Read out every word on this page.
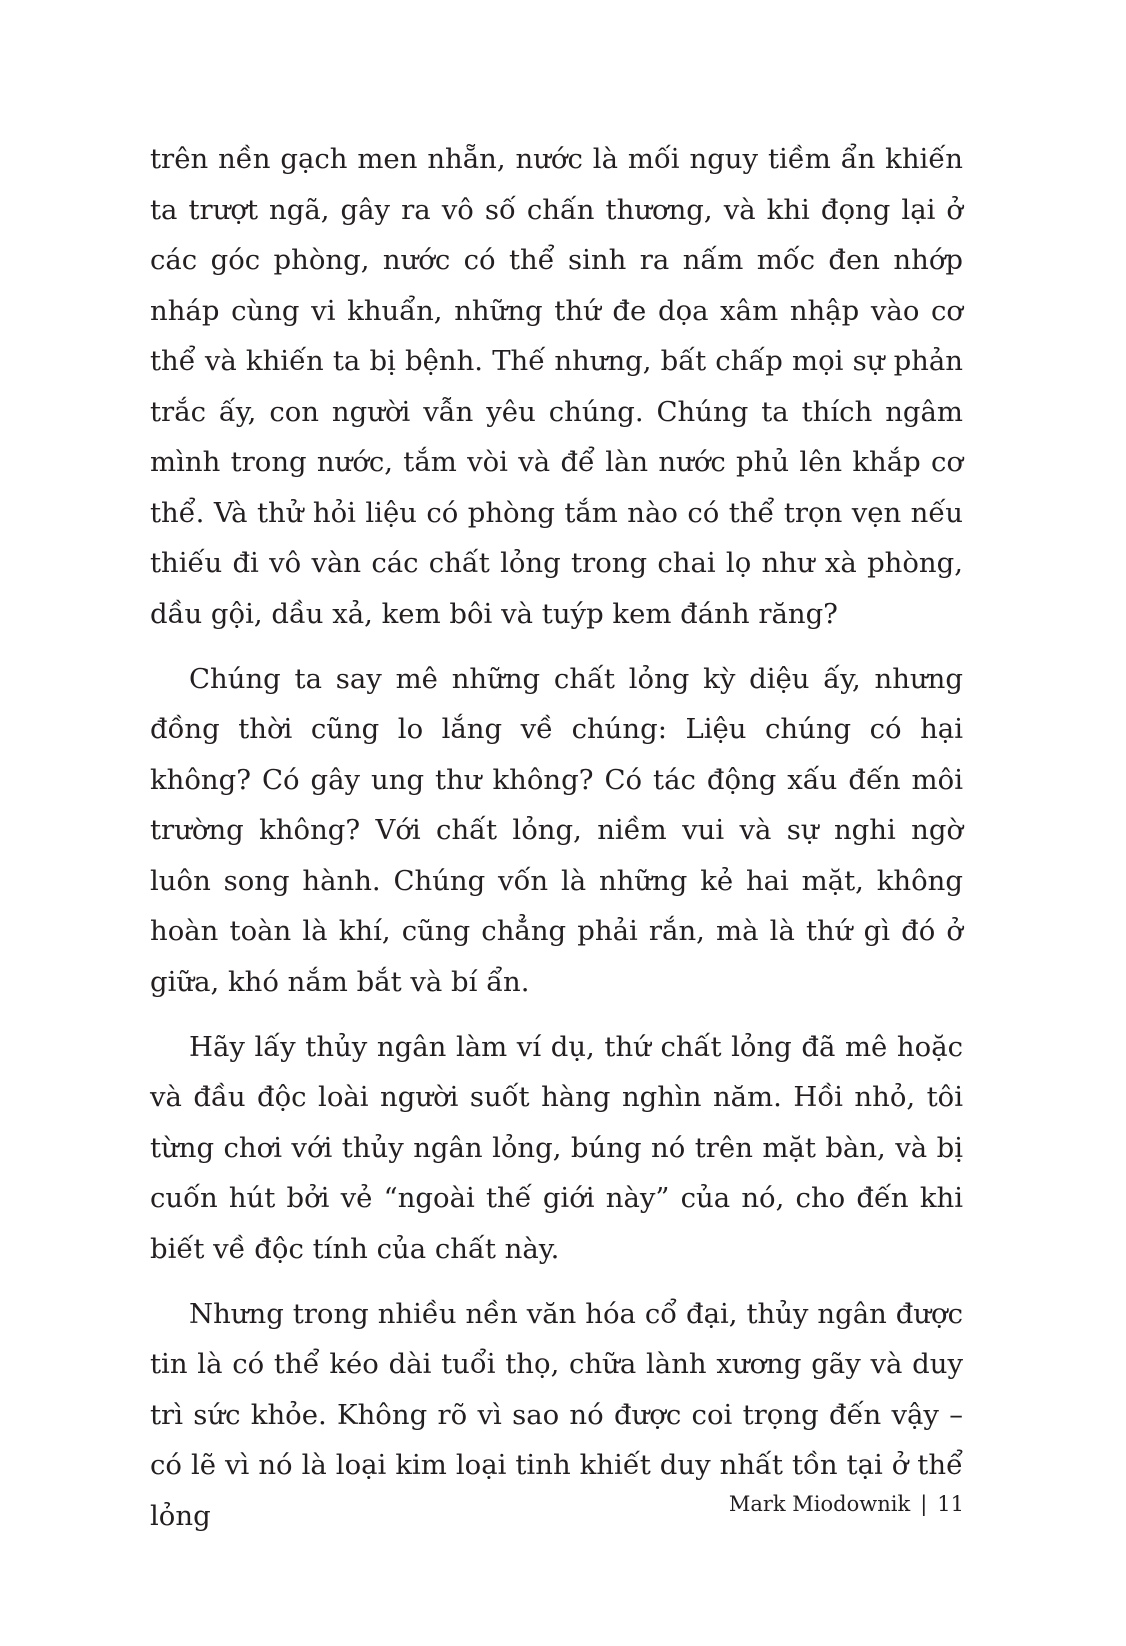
trên nền gạch men nhẵn, nước là mối nguy tiềm ẩn khiến ta trượt ngã, gây ra vô số chấn thương, và khi đọng lại ở các góc phòng, nước có thể sinh ra nấm mốc đen nhớp nháp cùng vi khuẩn, những thứ đe dọa xâm nhập vào cơ thể và khiến ta bị bệnh. Thế nhưng, bất chấp mọi sự phản trắc ấy, con người vẫn yêu chúng. Chúng ta thích ngâm mình trong nước, tắm vòi và để làn nước phủ lên khắp cơ thể. Và thử hỏi liệu có phòng tắm nào có thể trọn vẹn nếu thiếu đi vô vàn các chất lỏng trong chai lọ như xà phòng, dầu gội, dầu xả, kem bôi và tuýp kem đánh răng?

Chúng ta say mê những chất lỏng kỳ diệu ấy, nhưng đồng thời cũng lo lắng về chúng: Liệu chúng có hại không? Có gây ung thư không? Có tác động xấu đến môi trường không? Với chất lỏng, niềm vui và sự nghi ngờ luôn song hành. Chúng vốn là những kẻ hai mặt, không hoàn toàn là khí, cũng chẳng phải rắn, mà là thứ gì đó ở giữa, khó nắm bắt và bí ẩn.

Hãy lấy thủy ngân làm ví dụ, thứ chất lỏng đã mê hoặc và đầu độc loài người suốt hàng nghìn năm. Hồi nhỏ, tôi từng chơi với thủy ngân lỏng, búng nó trên mặt bàn, và bị cuốn hút bởi vẻ “ngoài thế giới này” của nó, cho đến khi biết về độc tính của chất này.

Nhưng trong nhiều nền văn hóa cổ đại, thủy ngân được tin là có thể kéo dài tuổi thọ, chữa lành xương gãy và duy trì sức khỏe. Không rõ vì sao nó được coi trọng đến vậy – có lẽ vì nó là loại kim loại tinh khiết duy nhất tồn tại ở thể lỏng	Mark Miodownik | 11
